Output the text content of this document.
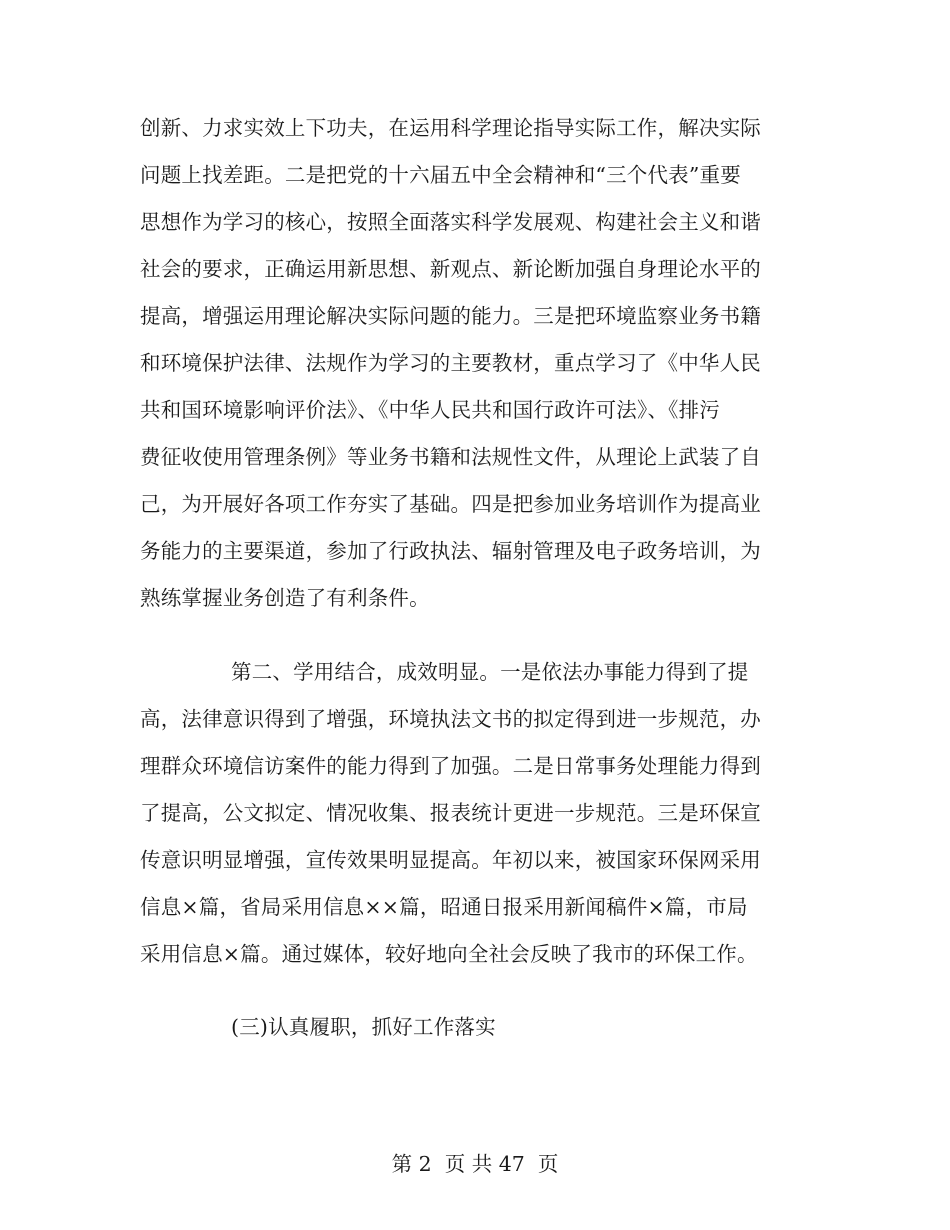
创新、力求实效上下功夫，在运用科学理论指导实际工作，解决实际
问题上找差距。二是把党的十六届五中全会精神和“三个代表”重要
思想作为学习的核心，按照全面落实科学发展观、构建社会主义和谐
社会的要求，正确运用新思想、新观点、新论断加强自身理论水平的
提高，增强运用理论解决实际问题的能力。三是把环境监察业务书籍
和环境保护法律、法规作为学习的主要教材，重点学习了《中华人民
共和国环境影响评价法》、《中华人民共和国行政许可法》、《排污
费征收使用管理条例》等业务书籍和法规性文件，从理论上武装了自
己，为开展好各项工作夯实了基础。四是把参加业务培训作为提高业
务能力的主要渠道，参加了行政执法、辐射管理及电子政务培训，为
熟练掌握业务创造了有利条件。
第二、学用结合，成效明显。一是依法办事能力得到了提
高，法律意识得到了增强，环境执法文书的拟定得到进一步规范，办
理群众环境信访案件的能力得到了加强。二是日常事务处理能力得到
了提高，公文拟定、情况收集、报表统计更进一步规范。三是环保宣
传意识明显增强，宣传效果明显提高。年初以来，被国家环保网采用
信息×篇，省局采用信息××篇，昭通日报采用新闻稿件×篇，市局
采用信息×篇。通过媒体，较好地向全社会反映了我市的环保工作。
(三)认真履职，抓好工作落实
第 2  页 共 47  页
